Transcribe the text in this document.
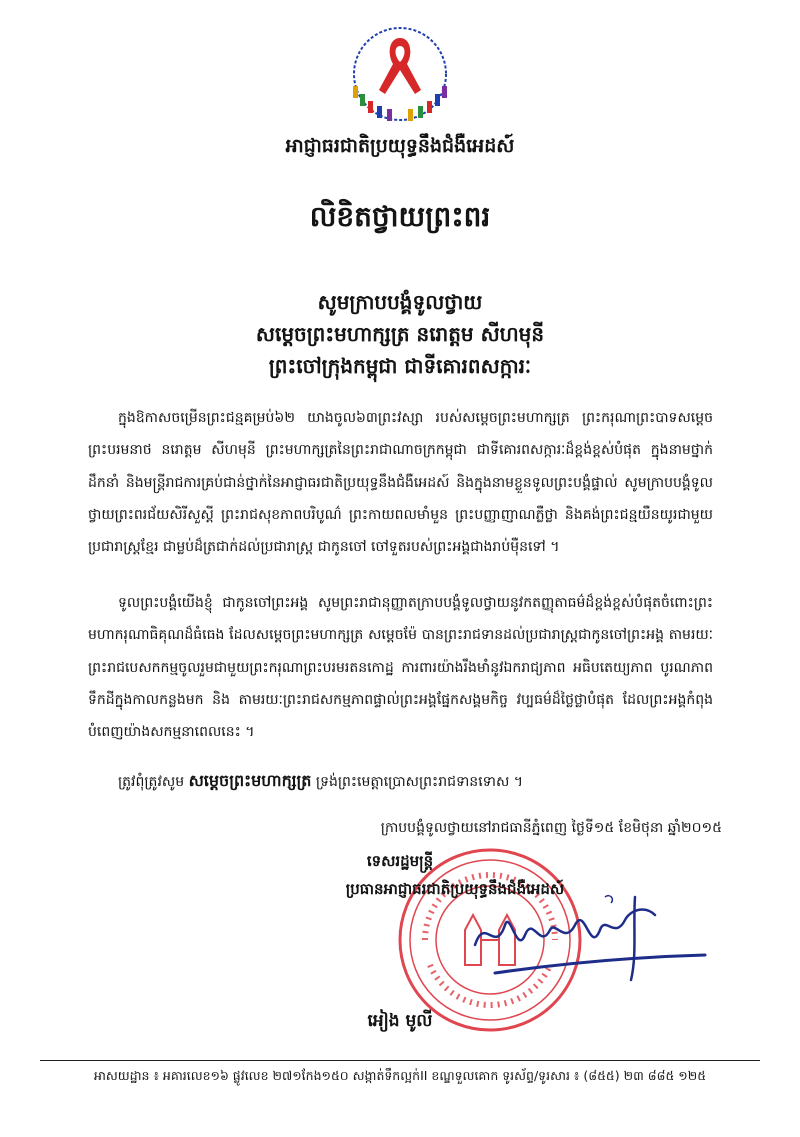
អាជ្ញាធរជាតិប្រយុទ្ធនឹងជំងឺអេដស៍
លិខិតថ្វាយព្រះពរ
សូមក្រាបបង្គំទូលថ្វាយ
សម្តេចព្រះមហាក្សត្រ នរោត្តម សីហមុនី
ព្រះចៅក្រុងកម្ពុជា ជាទីគោរពសក្ការៈ

ក្នុងឱកាសចម្រើនព្រះជន្មគម្រប់៦២ យាងចូល៦៣ព្រះវស្សា របស់សម្តេចព្រះមហាក្សត្រ ព្រះករុណាព្រះបាទសម្តេចព្រះបរមនាថ នរោត្តម សីហមុនី ព្រះមហាក្សត្រនៃព្រះរាជាណាចក្រកម្ពុជា ជាទីគោរពសក្ការៈដ៏ខ្ពង់ខ្ពស់បំផុត ក្នុងនាមថ្នាក់ដឹកនាំ និងមន្ត្រីរាជការគ្រប់ជាន់ថ្នាក់នៃអាជ្ញាធរជាតិប្រយុទ្ធនឹងជំងឺអេដស៍ និងក្នុងនាមខ្លួនទូលព្រះបង្គំផ្ទាល់ សូមក្រាបបង្គំទូលថ្វាយព្រះពរជ័យសិរីសួស្តី ព្រះរាជសុខភាពបរិបូណ៌ ព្រះកាយពលមាំមួន ព្រះបញ្ញាញាណភ្លឺថ្លា និងគង់ព្រះជន្មយឺនយូរជាមួយប្រជារាស្ត្រខ្មែរ ជាម្លប់ដ៏ត្រជាក់ដល់ប្រជារាស្ត្រ ជាកូនចៅ ចៅទួតរបស់ព្រះអង្គជាងរាប់ម៉ឺនទៅ ។

ទូលព្រះបង្គំយើងខ្ញុំ ជាកូនចៅព្រះអង្គ សូមព្រះរាជានុញ្ញាតក្រាបបង្គំទូលថ្វាយនូវកតញ្ញុតាធម៌ដ៏ខ្ពង់ខ្ពស់បំផុតចំពោះព្រះមហាករុណាធិគុណដ៏ធំធេង ដែលសម្តេចព្រះមហាក្សត្រ សម្តេចម៉ែ បានព្រះរាជទានដល់ប្រជារាស្ត្រជាកូនចៅព្រះអង្គ តាមរយៈព្រះរាជបេសកកម្មចូលរួមជាមួយព្រះករុណាព្រះបរមរតនកោដ្ឋ ការពារយ៉ាងរឹងមាំនូវឯករាជ្យភាព អធិបតេយ្យភាព បូរណភាពទឹកដីក្នុងកាលកន្លងមក និង តាមរយៈព្រះរាជសកម្មភាពផ្ទាល់ព្រះអង្គផ្នែកសង្គមកិច្ច វប្បធម៌ដ៏ថ្លៃថ្លាបំផុត ដែលព្រះអង្គកំពុងបំពេញយ៉ាងសកម្មនាពេលនេះ ។

ត្រូវពុំត្រូវសូម សម្តេចព្រះមហាក្សត្រ ទ្រង់ព្រះមេត្តាប្រោសព្រះរាជទានទោស ។
ក្រាបបង្គំទូលថ្វាយនៅរាជធានីភ្នំពេញ ថ្ងៃទី១៥ ខែមិថុនា ឆ្នាំ២០១៥
ទេសរដ្ឋមន្ត្រី
ប្រធានអាជ្ញាធរជាតិប្រយុទ្ធនឹងជំងឺអេដស៍
អៀង មូលី
អាសយដ្ឋាន ៖ អគារលេខ១៦ ផ្លូវលេខ ២៧១កែង១៥០ សង្កាត់ទឹកល្អក់II ខណ្ឌទួលគោក ទូរស័ព្ទ/ទូរសារ ៖ (៨៥៥) ២៣ ៨៨៥ ១២៥
